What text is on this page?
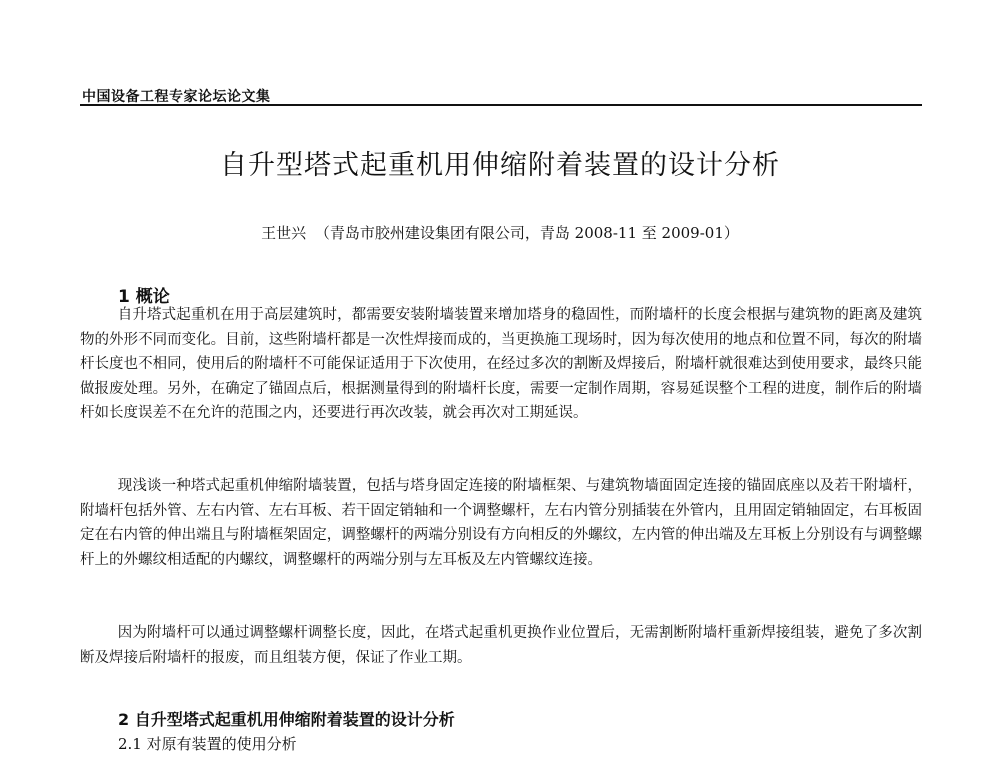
中国设备工程专家论坛论文集
自升型塔式起重机用伸缩附着装置的设计分析
王世兴 （青岛市胶州建设集团有限公司，青岛 2008-11 至 2009-01）
1 概论

自升塔式起重机在用于高层建筑时，都需要安装附墙装置来增加塔身的稳固性，而附墙杆的长度会根据与建筑物的距离及建筑物的外形不同而变化。目前，这些附墙杆都是一次性焊接而成的，当更换施工现场时，因为每次使用的地点和位置不同，每次的附墙杆长度也不相同，使用后的附墙杆不可能保证适用于下次使用，在经过多次的割断及焊接后，附墙杆就很难达到使用要求，最终只能做报废处理。另外，在确定了锚固点后，根据测量得到的附墙杆长度，需要一定制作周期，容易延误整个工程的进度，制作后的附墙杆如长度误差不在允许的范围之内，还要进行再次改装，就会再次对工期延误。

现浅谈一种塔式起重机伸缩附墙装置，包括与塔身固定连接的附墙框架、与建筑物墙面固定连接的锚固底座以及若干附墙杆，附墙杆包括外管、左右内管、左右耳板、若干固定销轴和一个调整螺杆，左右内管分别插装在外管内，且用固定销轴固定，右耳板固定在右内管的伸出端且与附墙框架固定，调整螺杆的两端分别设有方向相反的外螺纹，左内管的伸出端及左耳板上分别设有与调整螺杆上的外螺纹相适配的内螺纹，调整螺杆的两端分别与左耳板及左内管螺纹连接。

因为附墙杆可以通过调整螺杆调整长度，因此，在塔式起重机更换作业位置后，无需割断附墙杆重新焊接组装，避免了多次割断及焊接后附墙杆的报废，而且组装方便，保证了作业工期。

2 自升型塔式起重机用伸缩附着装置的设计分析
2.1 对原有装置的使用分析
